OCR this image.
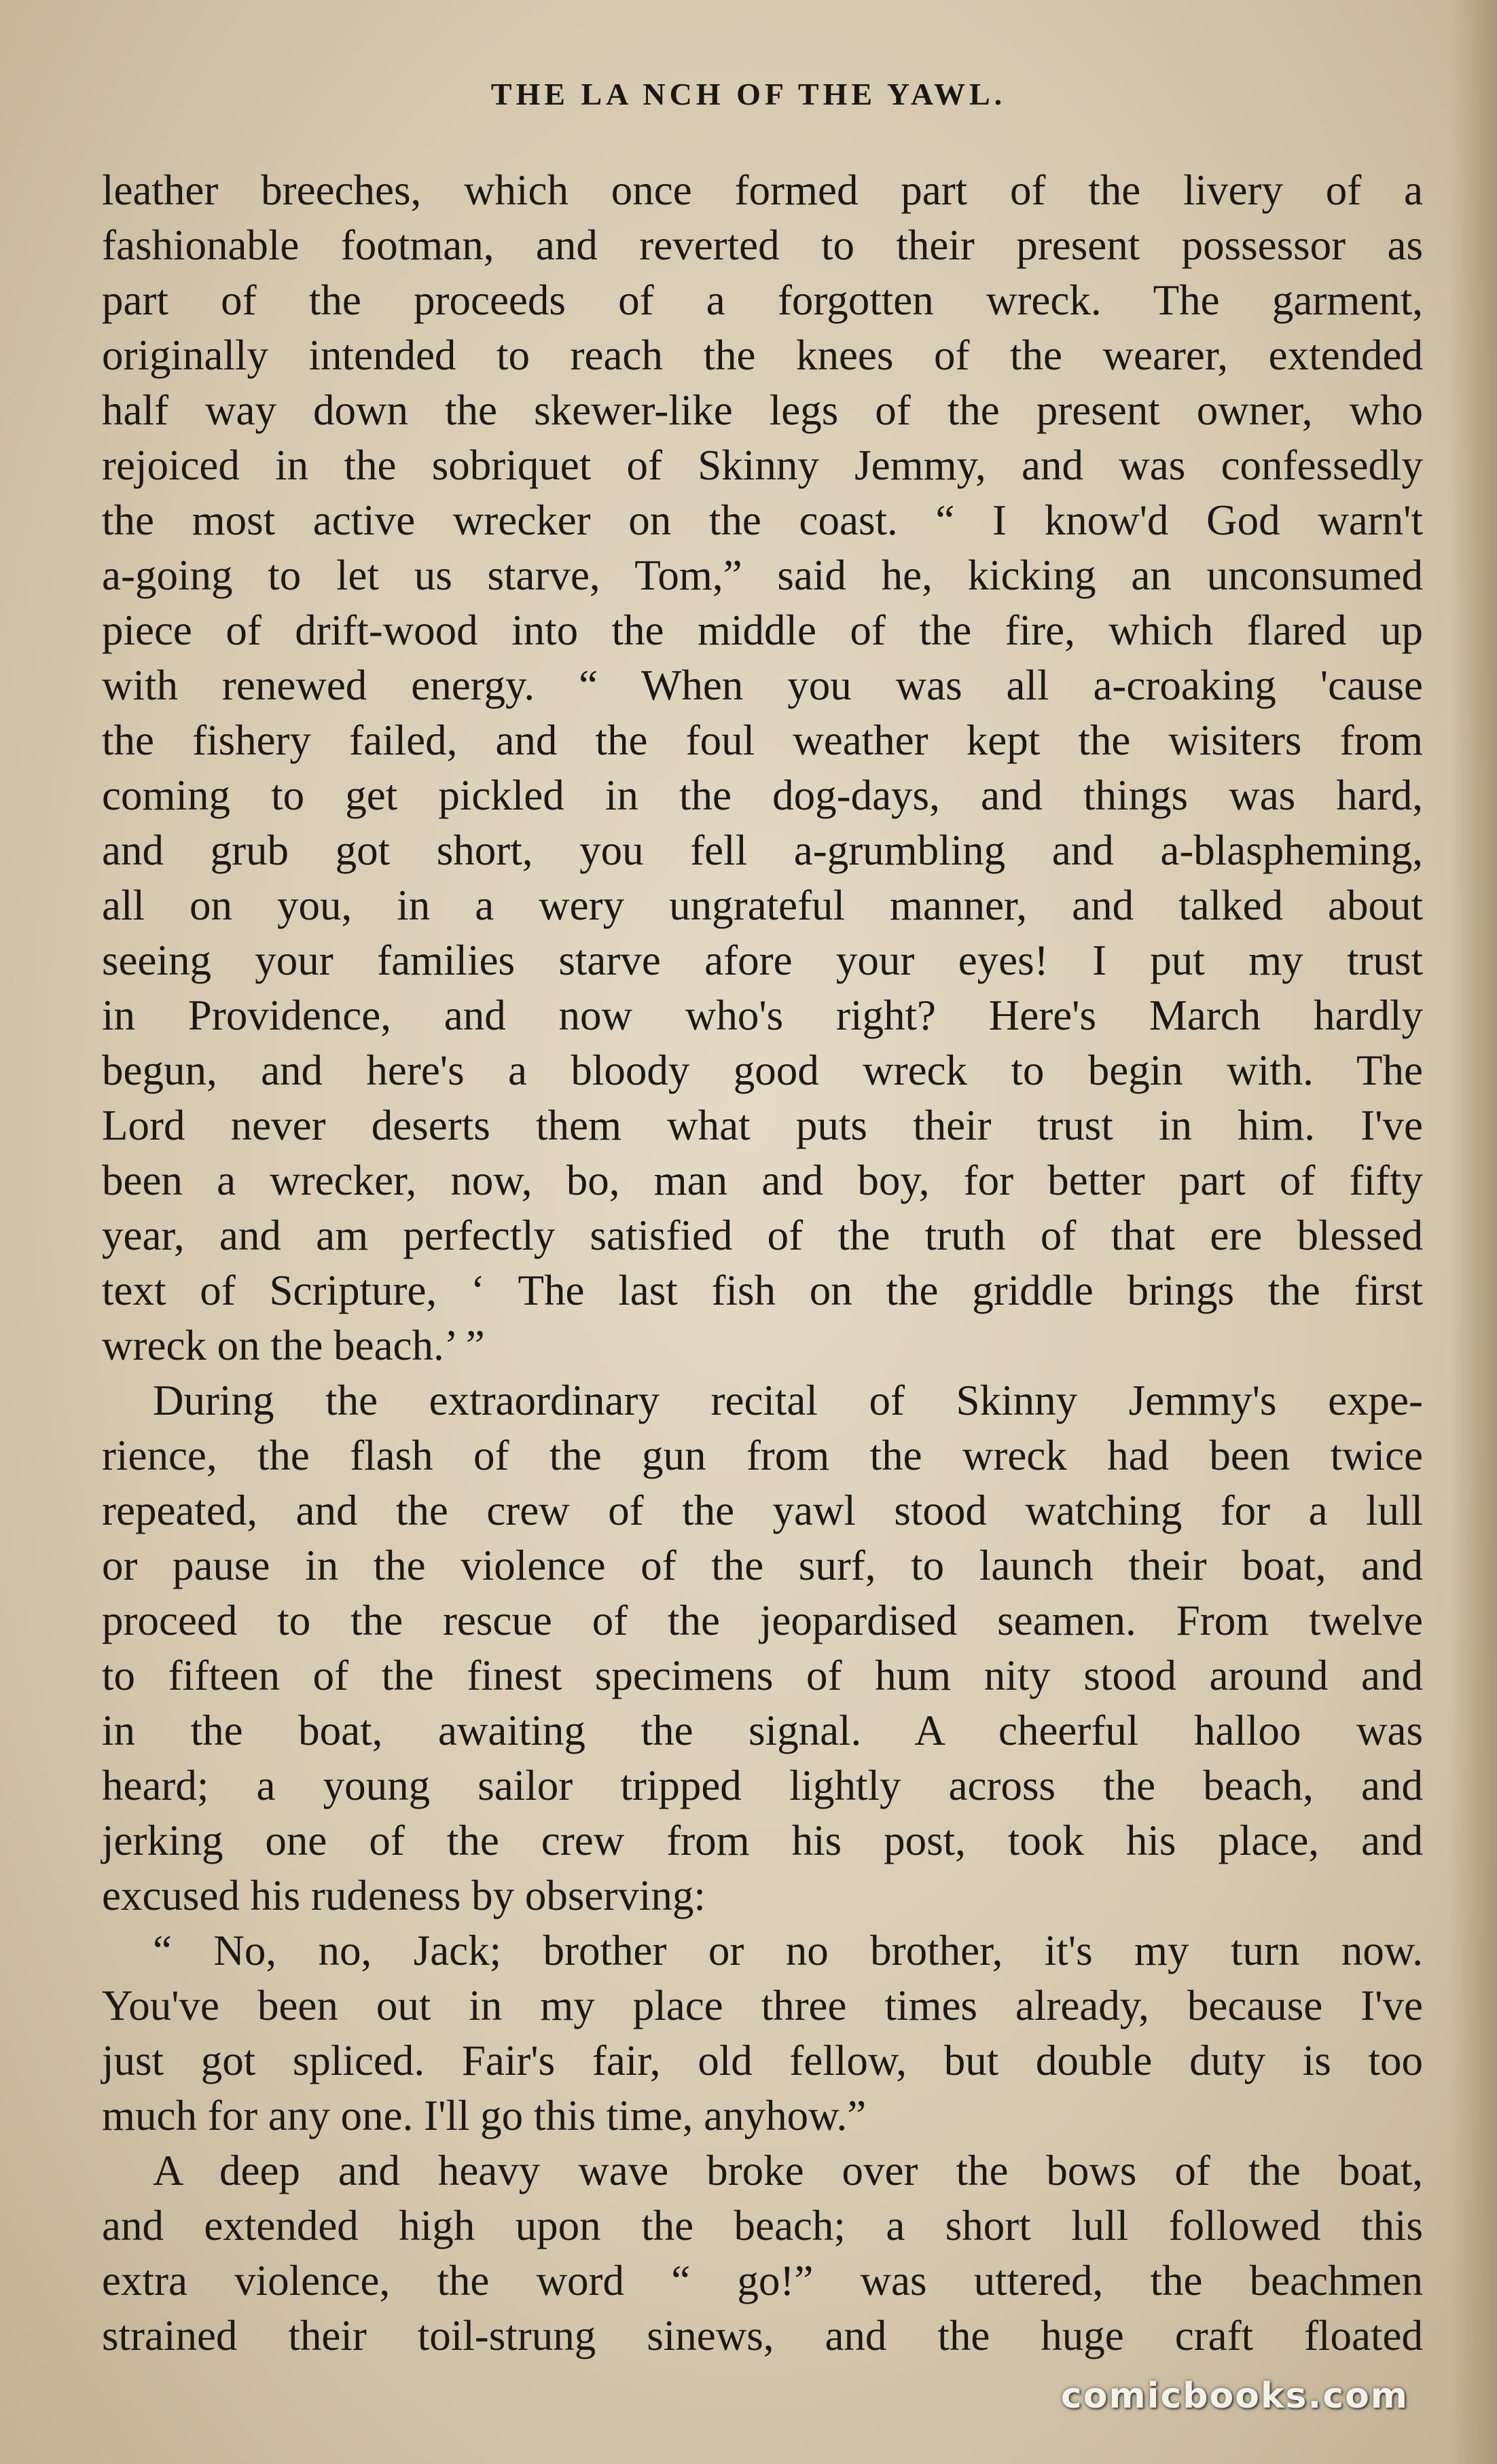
THE LA NCH OF THE YAWL.

leather breeches, which once formed part of the livery of a
fashionable footman, and reverted to their present possessor as
part of the proceeds of a forgotten wreck. The garment,
originally intended to reach the knees of the wearer, extended
half way down the skewer-like legs of the present owner, who
rejoiced in the sobriquet of Skinny Jemmy, and was confessedly
the most active wrecker on the coast. “ I know'd God warn't
a-going to let us starve, Tom,” said he, kicking an unconsumed
piece of drift-wood into the middle of the fire, which flared up
with renewed energy. “ When you was all a-croaking 'cause
the fishery failed, and the foul weather kept the wisiters from
coming to get pickled in the dog-days, and things was hard,
and grub got short, you fell a-grumbling and a-blaspheming,
all on you, in a wery ungrateful manner, and talked about
seeing your families starve afore your eyes! I put my trust
in Providence, and now who's right? Here's March hardly
begun, and here's a bloody good wreck to begin with. The
Lord never deserts them what puts their trust in him. I've
been a wrecker, now, bo, man and boy, for better part of fifty
year, and am perfectly satisfied of the truth of that ere blessed
text of Scripture, ‘ The last fish on the griddle brings the first
wreck on the beach.’ ”

During the extraordinary recital of Skinny Jemmy's expe-
rience, the flash of the gun from the wreck had been twice
repeated, and the crew of the yawl stood watching for a lull
or pause in the violence of the surf, to launch their boat, and
proceed to the rescue of the jeopardised seamen. From twelve
to fifteen of the finest specimens of hum nity stood around and
in the boat, awaiting the signal. A cheerful halloo was
heard; a young sailor tripped lightly across the beach, and
jerking one of the crew from his post, took his place, and
excused his rudeness by observing:

“ No, no, Jack; brother or no brother, it's my turn now.
You've been out in my place three times already, because I've
just got spliced. Fair's fair, old fellow, but double duty is too
much for any one. I'll go this time, anyhow.”

A deep and heavy wave broke over the bows of the boat,
and extended high upon the beach; a short lull followed this
extra violence, the word “ go!” was uttered, the beachmen
strained their toil-strung sinews, and the huge craft floated

comicbooks.com
